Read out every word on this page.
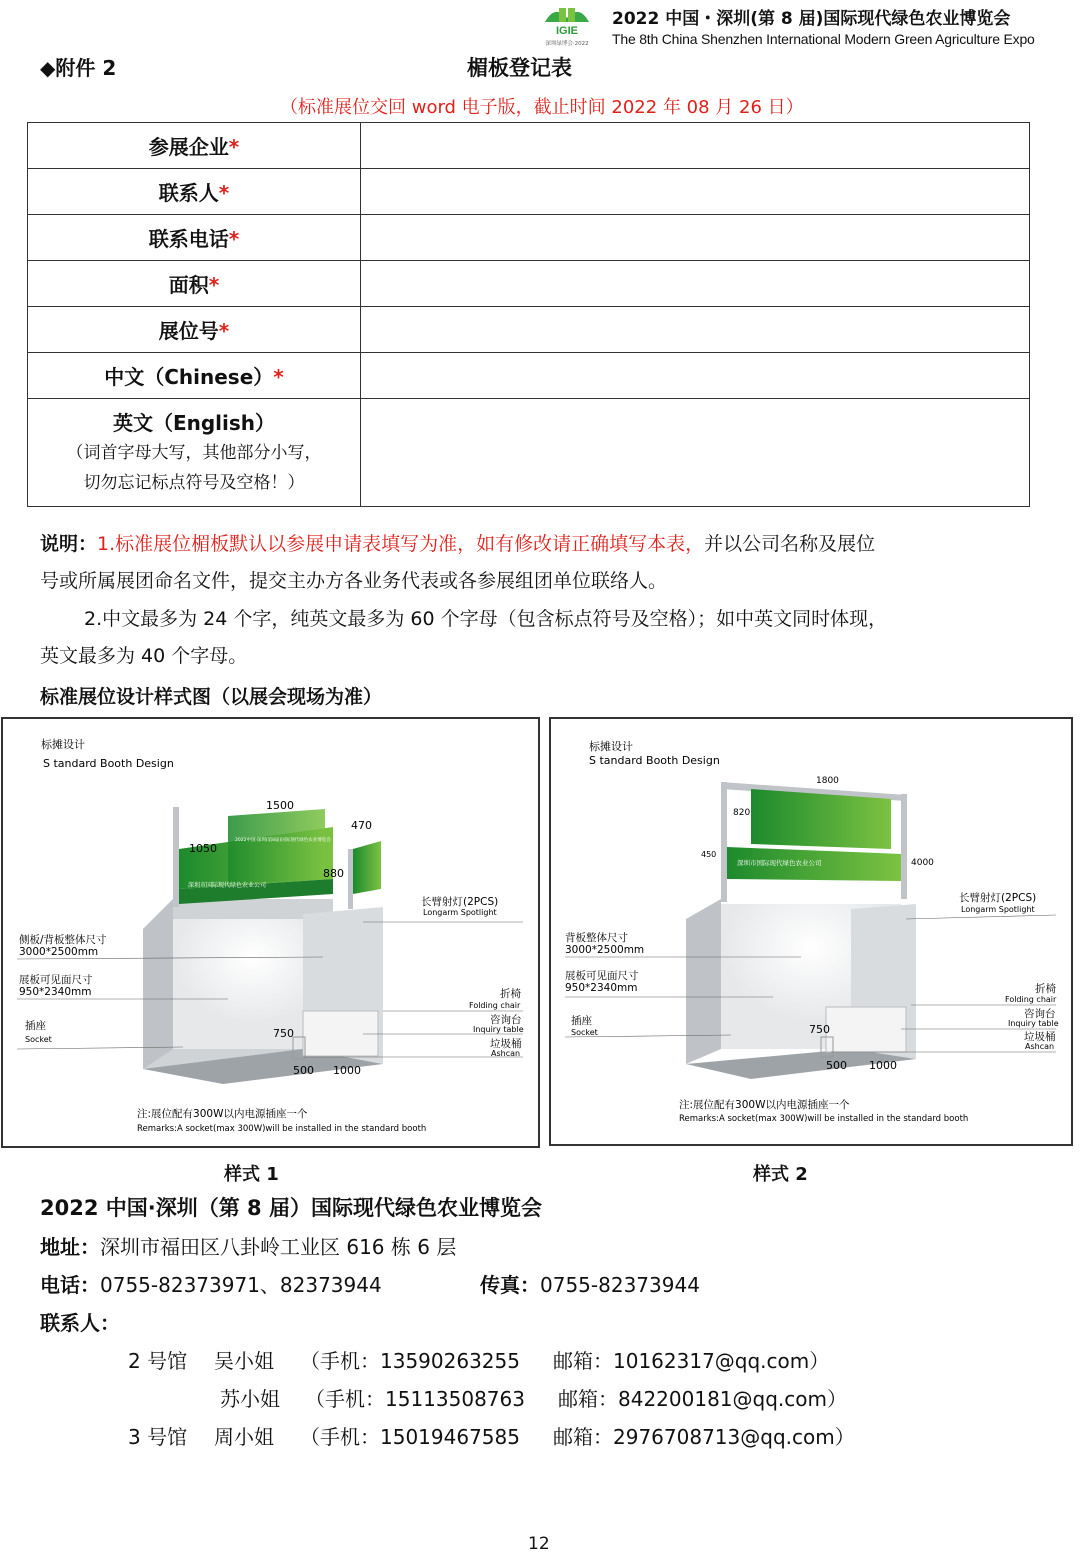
IGIE
深圳绿博会·2022
2022 中国・深圳(第 8 届)国际现代绿色农业博览会
The 8th China Shenzhen International Modern Green Agriculture Expo
◆附件 2	楣板登记表
（标准展位交回 word 电子版，截止时间 2022 年 08 月 26 日）
参展企业*	
联系人*	
联系电话*	
面积*	
展位号*	
中文（Chinese）*	

英文（English）
（词首字母大写，其他部分小写，
切勿忘记标点符号及空格！）	

说明：1.标准展位楣板默认以参展申请表填写为准，如有修改请正确填写本表，并以公司名称及展位
号或所属展团命名文件，提交主办方各业务代表或各参展组团单位联络人。
2.中文最多为 24 个字，纯英文最多为 60 个字母（包含标点符号及空格）；如中英文同时体现，
英文最多为 40 个字母。
标准展位设计样式图（以展会现场为准）
标摊设计
S tandard Booth Design
深圳市国际现代绿色农业公司
2022中国·深圳(第8届)国际现代绿色农业博览会
1500
470
1050
880
750
500 1000
侧板/背板整体尺寸
3000*2500mm
展板可见面尺寸
950*2340mm
插座
Socket
长臂射灯(2PCS)
Longarm Spotlight
折椅
Folding chair
咨询台
Inquiry table
垃圾桶
Ashcan
注:展位配有300W以内电源插座一个
Remarks:A socket(max 300W)will be installed in the standard booth
标摊设计
S tandard Booth Design
深圳市国际现代绿色农业公司
1800
820
450
4000
750
500 1000
背板整体尺寸
3000*2500mm
展板可见面尺寸
950*2340mm
插座
Socket
长臂射灯(2PCS)
Longarm Spotlight
折椅
Folding chair
咨询台
Inquiry table
垃圾桶
Ashcan
注:展位配有300W以内电源插座一个
Remarks:A socket(max 300W)will be installed in the standard booth
样式 1	样式 2
2022 中国·深圳（第 8 届）国际现代绿色农业博览会
地址：深圳市福田区八卦岭工业区 616 栋 6 层
电话：0755-82373971、82373944	传真：0755-82373944
联系人：
2 号馆 吴小姐 （手机：13590263255 邮箱：10162317@qq.com）
苏小姐 （手机：15113508763 邮箱：842200181@qq.com）
3 号馆 周小姐 （手机：15019467585 邮箱：2976708713@qq.com）
12
